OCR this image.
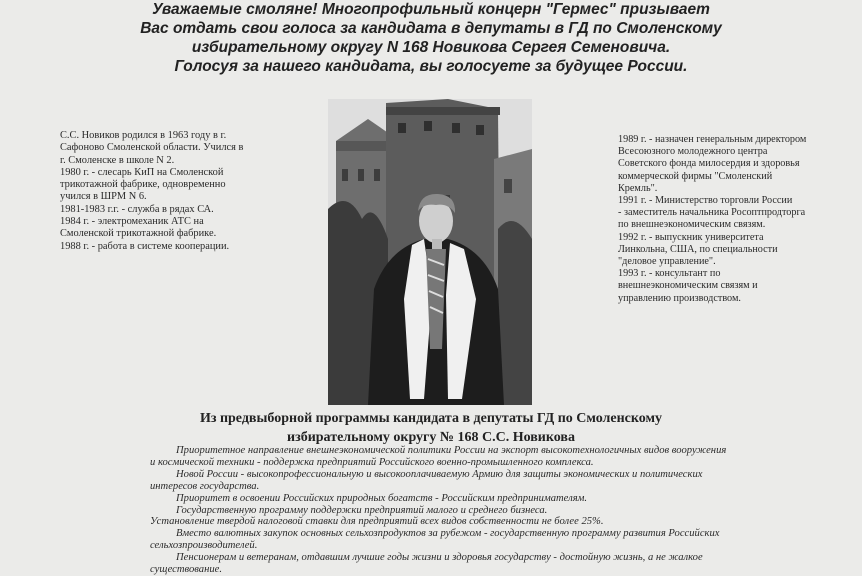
Уважаемые смоляне! Многопрофильный концерн "Гермес" призывает
Вас отдать свои голоса за кандидата в депутаты в ГД по Смоленскому
избирательному округу N 168 Новикова Сергея Семеновича.
Голосуя за нашего кандидата, вы голосуете за будущее России.
С.С. Новиков родился в 1963 году в г.
Сафоново Смоленской области. Учился в
г. Смоленске в школе N 2.
1980 г. - слесарь КиП на Смоленской
трикотажной фабрике, одновременно
учился в ШРМ N 6.
1981-1983 г.г. - служба в рядах СА.
1984 г. - электромеханик АТС на
Смоленской трикотажной фабрике.
1988 г. - работа в системе кооперации.
1989 г. - назначен генеральным директором
Всесоюзного молодежного центра
Советского фонда милосердия и здоровья
коммерческой фирмы "Смоленский
Кремль".
1991 г. - Министерство торговли России
- заместитель начальника Росоптпродторга
по внешнеэкономическим связям.
1992 г. - выпускник университета
Линкольна, США, по специальности
"деловое управление".
1993 г. - консультант по
внешнеэкономическим связям и
управлению производством.
Из предвыборной программы кандидата в депутаты ГД по Смоленскому
избирательному округу № 168 С.С. Новикова
Приоритетное направление внешнеэкономической политики России на экспорт высокотехнологичных видов вооружения
и космической техники - поддержка предприятий Российского военно-промышленного комплекса.
Новой России - высокопрофессиональную и высокооплачиваемую Армию для защиты экономических и политических
интересов государства.
Приоритет в освоении Российских природных богатств - Российским предпринимателям.
Государственную программу поддержки предприятий малого и среднего бизнеса.
Установление твердой налоговой ставки для предприятий всех видов собственности не более 25%.
Вместо валютных закупок основных сельхозпродуктов за рубежом - государственную программу развития Российских
сельхозпроизводителей.
Пенсионерам и ветеранам, отдавшим лучшие годы жизни и здоровья государству - достойную жизнь, а не жалкое
существование.
